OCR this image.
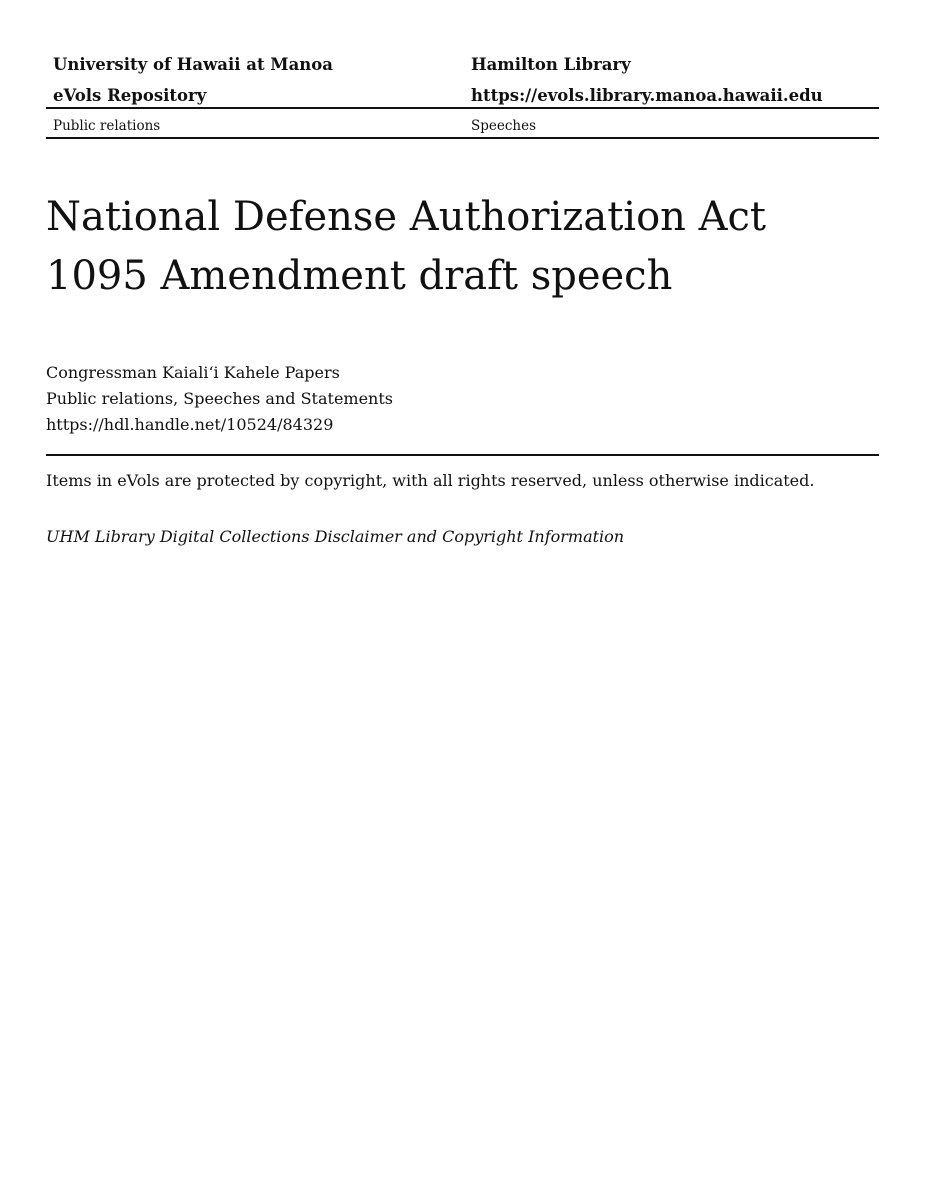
University of Hawaii at Manoa	Hamilton Library
eVols Repository	https://evols.library.manoa.hawaii.edu
Public relations	Speeches
National Defense Authorization Act
1095 Amendment draft speech
Congressman Kaiali‘i Kahele Papers
Public relations, Speeches and Statements
https://hdl.handle.net/10524/84329
Items in eVols are protected by copyright, with all rights reserved, unless otherwise indicated.
UHM Library Digital Collections Disclaimer and Copyright Information
